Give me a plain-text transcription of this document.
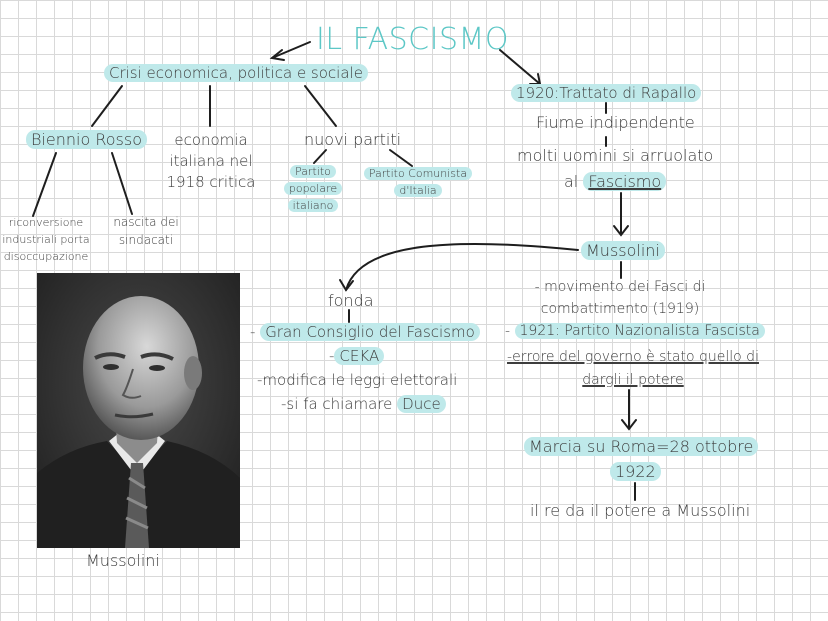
IL FASCISMO
Crisi economica, politica e sociale
Biennio Rosso
riconversione
industriali porta
disoccupazione
nascita dei
sindacati
economia
italiana nel
1918 critica
nuovi partiti
Partito
popolare
italiano
Partito Comunista
d'Italia
1920:Trattato di Rapallo
Fiume indipendente
molti uomini si arruolato
al Fascismo
Mussolini
- movimento dei Fasci di
combattimento (1919)
- 1921: Partito Nazionalista Fascista
-errore del governo è stato quello di
dargli il potere
Marcia su Roma=28 ottobre
1922
il re da il potere a Mussolini
fonda
- Gran Consiglio del Fascismo
- CEKA
-modifica le leggi elettorali
-si fa chiamare Duce
Mussolini
